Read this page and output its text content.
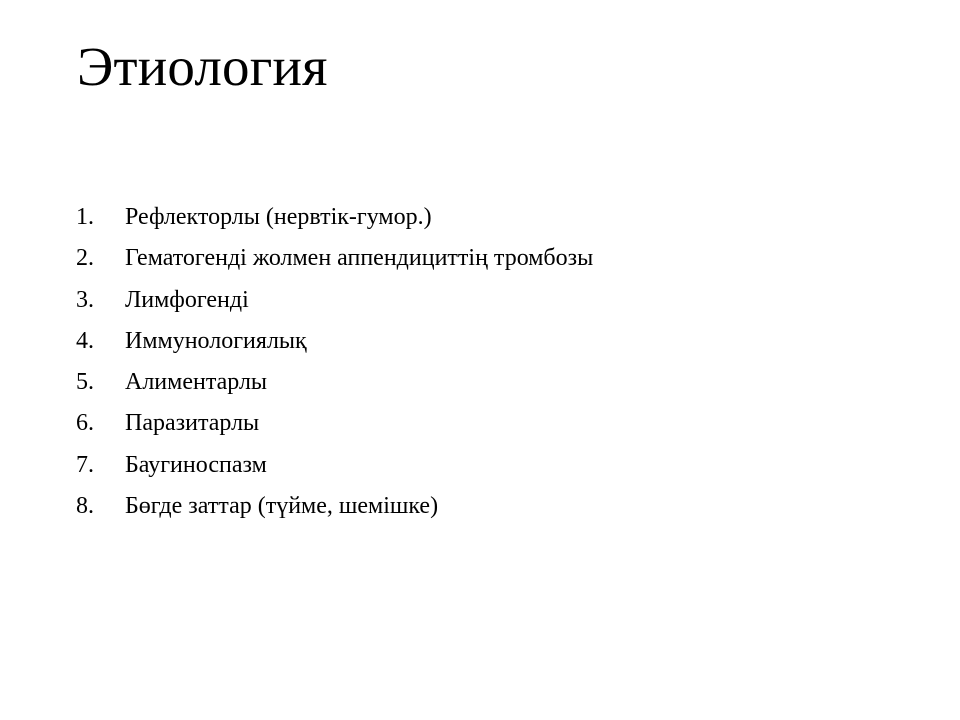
Этиология
1.	Рефлекторлы (нервтік-гумор.)
2.	Гематогенді жолмен аппендициттің тромбозы
3.	Лимфогенді
4.	Иммунологиялық
5.	Алиментарлы
6.	Паразитарлы
7.	Баугиноспазм
8.	Бөгде заттар (түйме, шемішке)
